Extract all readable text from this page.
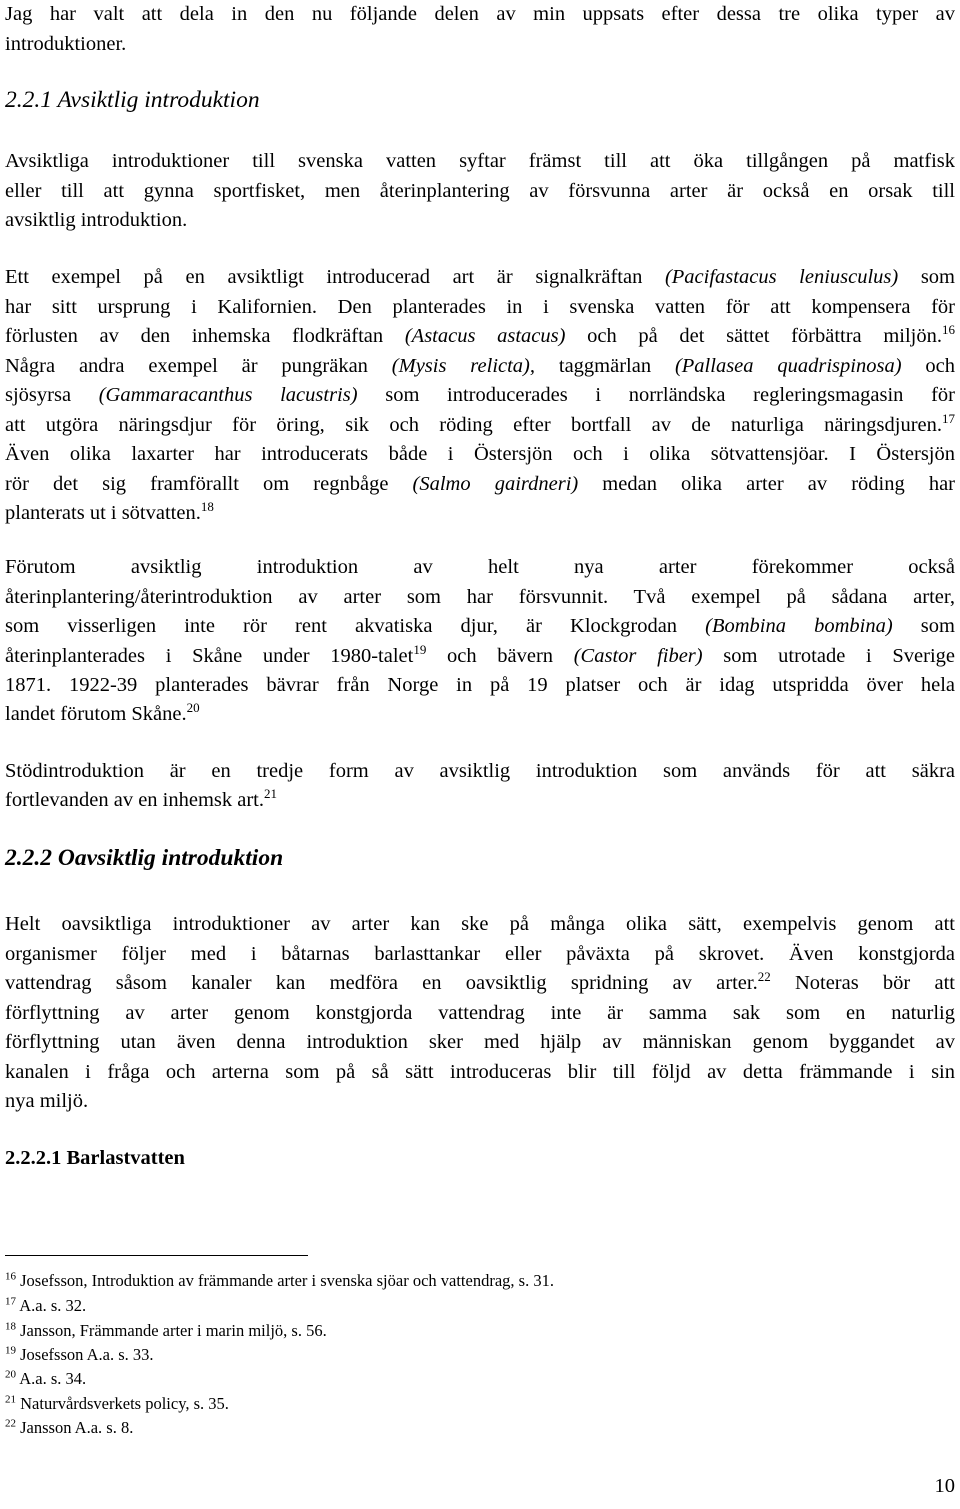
Jag har valt att dela in den nu följande delen av min uppsats efter dessa tre olika typer av
introduktioner.
2.2.1 Avsiktlig introduktion
Avsiktliga introduktioner till svenska vatten syftar främst till att öka tillgången på matfisk
eller till att gynna sportfisket, men återinplantering av försvunna arter är också en orsak till
avsiktlig introduktion.
Ett exempel på en avsiktligt introducerad art är signalkräftan (Pacifastacus leniusculus) som
har sitt ursprung i Kalifornien. Den planterades in i svenska vatten för att kompensera för
förlusten av den inhemska flodkräftan (Astacus astacus) och på det sättet förbättra miljön.$^{16}$
Några andra exempel är pungräkan (Mysis relicta), taggmärlan (Pallasea quadrispinosa) och
sjösyrsa (Gammaracanthus lacustris) som introducerades i norrländska regleringsmagasin för
att utgöra näringsdjur för öring, sik och röding efter bortfall av de naturliga näringsdjuren.$^{17}$
Även olika laxarter har introducerats både i Östersjön och i olika sötvattensjöar. I Östersjön
rör det sig framförallt om regnbåge (Salmo gairdneri) medan olika arter av röding har
planterats ut i sötvatten.$^{18}$
Förutom avsiktlig introduktion av helt nya arter förekommer också
återinplantering/återintroduktion av arter som har försvunnit. Två exempel på sådana arter,
som visserligen inte rör rent akvatiska djur, är Klockgrodan (Bombina bombina) som
återinplanterades i Skåne under 1980-talet$^{19}$ och bävern (Castor fiber) som utrotade i Sverige
1871. 1922-39 planterades bävrar från Norge in på 19 platser och är idag utspridda över hela
landet förutom Skåne.$^{20}$
Stödintroduktion är en tredje form av avsiktlig introduktion som används för att säkra
fortlevanden av en inhemsk art.$^{21}$
2.2.2 Oavsiktlig introduktion
Helt oavsiktliga introduktioner av arter kan ske på många olika sätt, exempelvis genom att
organismer följer med i båtarnas barlasttankar eller påväxta på skrovet. Även konstgjorda
vattendrag såsom kanaler kan medföra en oavsiktlig spridning av arter.$^{22}$ Noteras bör att
förflyttning av arter genom konstgjorda vattendrag inte är samma sak som en naturlig
förflyttning utan även denna introduktion sker med hjälp av människan genom byggandet av
kanalen i fråga och arterna som på så sätt introduceras blir till följd av detta främmande i sin
nya miljö.
2.2.2.1 Barlastvatten
$^{16}$ Josefsson, Introduktion av främmande arter i svenska sjöar och vattendrag, s. 31.
$^{17}$ A.a. s. 32.
$^{18}$ Jansson, Främmande arter i marin miljö, s. 56.
$^{19}$ Josefsson A.a. s. 33.
$^{20}$ A.a. s. 34.
$^{21}$ Naturvårdsverkets policy, s. 35.
$^{22}$ Jansson A.a. s. 8.
10
